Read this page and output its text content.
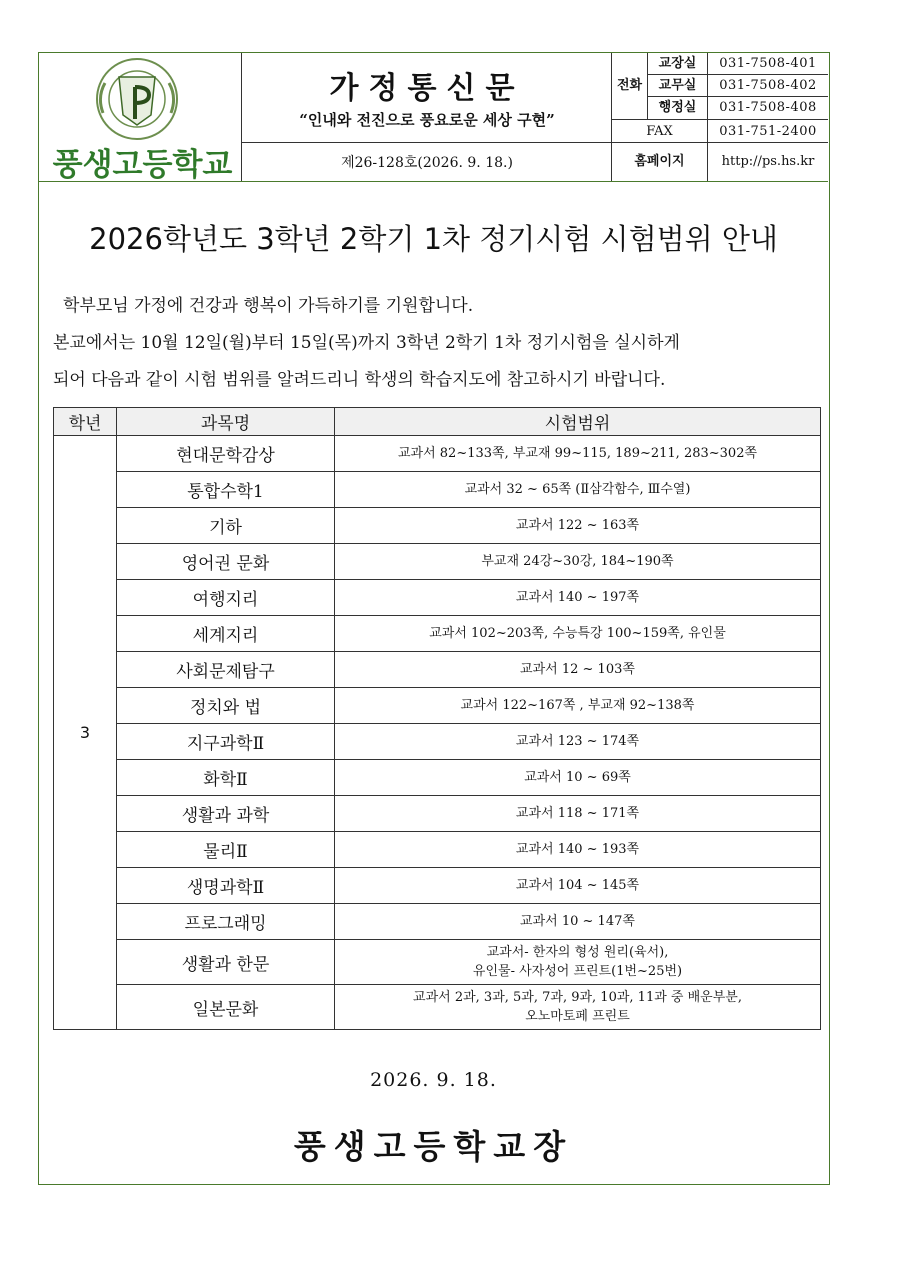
풍생고등학교
가정통신문
“인내와 전진으로 풍요로운 세상 구현”
제26-128호(2026. 9. 18.)
전화
교장실	031-7508-401
교무실	031-7508-402
행정실	031-7508-408
FAX	031-751-2400
홈페이지	http://ps.hs.kr
2026학년도 3학년 2학기 1차 정기시험 시험범위 안내
학부모님 가정에 건강과 행복이 가득하기를 기원합니다.
본교에서는 10월 12일(월)부터 15일(목)까지 3학년 2학기 1차 정기시험을 실시하게
되어 다음과 같이 시험 범위를 알려드리니 학생의 학습지도에 참고하시기 바랍니다.
학년	과목명	시험범위
3	현대문학감상	교과서 82~133쪽, 부교재 99~115, 189~211, 283~302쪽
	통합수학1	교과서 32 ~ 65쪽 (Ⅱ삼각함수, Ⅲ수열)
	기하	교과서 122 ~ 163쪽
	영어권 문화	부교재 24강~30강, 184~190쪽
	여행지리	교과서 140 ~ 197쪽
	세계지리	교과서 102~203쪽, 수능특강 100~159쪽, 유인물
	사회문제탐구	교과서 12 ~ 103쪽
	정치와 법	교과서 122~167쪽 , 부교재 92~138쪽
	지구과학Ⅱ	교과서 123 ~ 174쪽
	화학Ⅱ	교과서 10 ~ 69쪽
	생활과 과학	교과서 118 ~ 171쪽
	물리Ⅱ	교과서 140 ~ 193쪽
	생명과학Ⅱ	교과서 104 ~ 145쪽
	프로그래밍	교과서 10 ~ 147쪽
	생활과 한문	교과서- 한자의 형성 원리(육서),
유인물- 사자성어 프린트(1번~25번)

	일본문화	교과서 2과, 3과, 5과, 7과, 9과, 10과, 11과 중 배운부분,
오노마토페 프린트
2026. 9. 18.
풍생고등학교장
